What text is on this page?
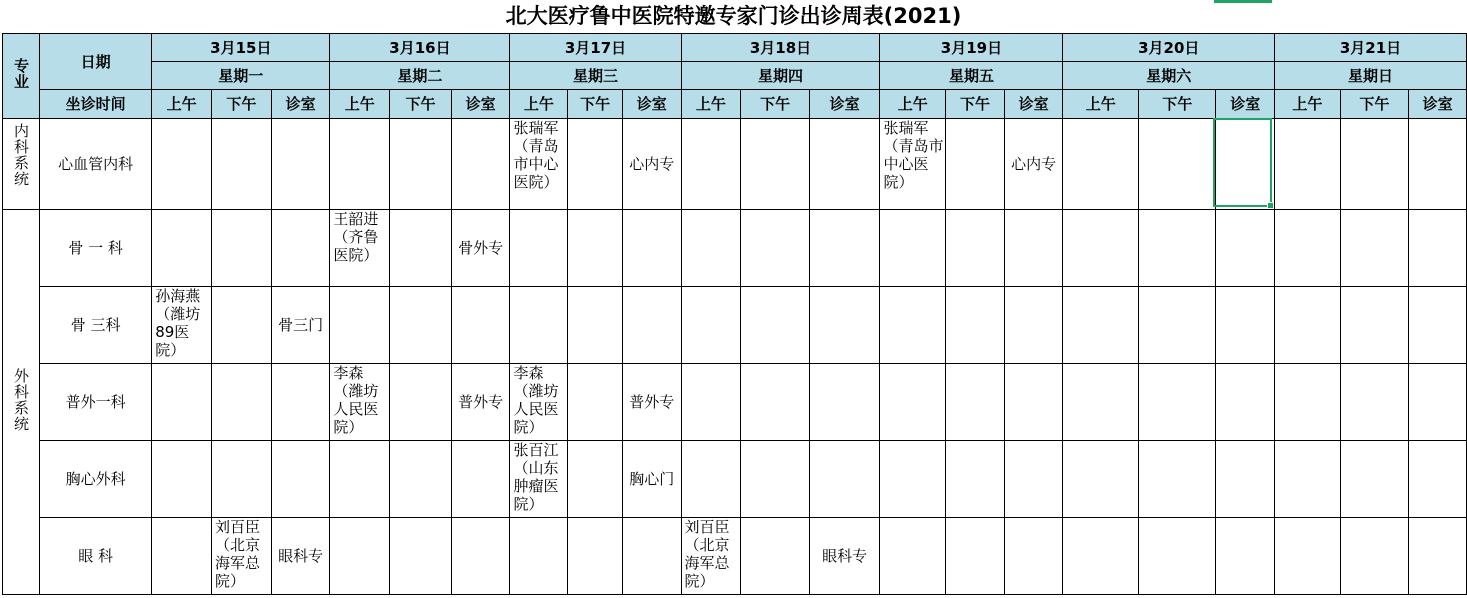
北大医疗鲁中医院特邀专家门诊出诊周表(2021)
专业	日期	3月15日			3月16日			3月17日			3月18日			3月19日			3月20日			3月21日		
		星期一			星期二			星期三			星期四			星期五			星期六			星期日		
	坐诊时间	上午	下午	诊室	上午	下午	诊室	上午	下午	诊室	上午	下午	诊室	上午	下午	诊室	上午	下午	诊室	上午	下午	诊室
内科系统	心血管内科							张瑞军（青岛市中心医院）		心内专				张瑞军（青岛市中心医院）		心内专						
外科系统	骨 一 科				王韶进（齐鲁医院）		骨外专															
	骨 三科	孙海燕（潍坊89医院）		骨三门																		
	普外一科				李森（潍坊人民医院）		普外专	李森（潍坊人民医院）		普外专												
	胸心外科							张百江（山东肿瘤医院）		胸心门												
	眼 科		刘百臣（北京海军总院）	眼科专							刘百臣（北京海军总院）		眼科专									
